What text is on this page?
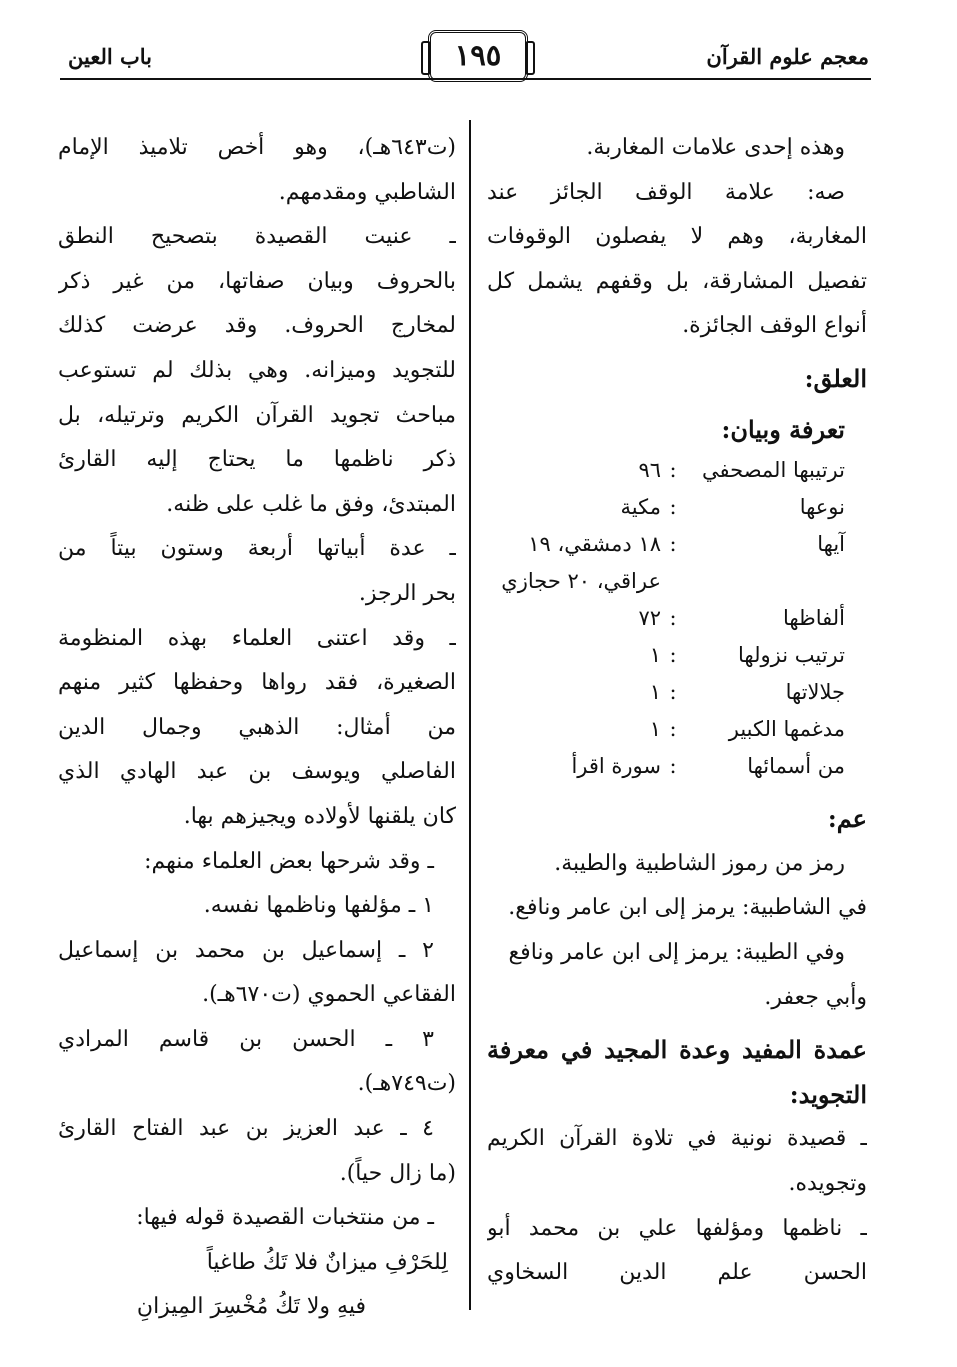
معجم علوم القرآن
١٩٥
باب العين
وهذه إحدى علامات المغاربة.
صه: علامة الوقف الجائز عند
المغاربة، وهم لا يفصلون الوقوفات
تفصيل المشارقة، بل وقفهم يشمل كل
أنواع الوقف الجائزة.
العلق:
تعرفة وبيان:
ترتيبها المصحفي
:
٩٦
نوعها
:
مكية
آيها
:
١٨ دمشقي، ١٩ عراقي، ٢٠ حجازي
ألفاظها
:
٧٢
ترتيب نزولها
:
١
جلالاتها
:
١
مدغمها الكبير
:
١
من أسمائها
:
سورة اقرأ
عم:
رمز من رموز الشاطبية والطيبة.
في الشاطبية: يرمز إلى ابن عامر ونافع.
وفي الطيبة: يرمز إلى ابن عامر ونافع
وأبي جعفر.
عمدة المفيد وعدة المجيد في معرفة
التجويد:
ـ قصيدة نونية في تلاوة القرآن الكريم
وتجويده.
ـ ناظمها ومؤلفها علي بن محمد أبو
الحسن علم الدين السخاوي
(ت٦٤٣هـ)، وهو أخص تلاميذ الإمام
الشاطبي ومقدمهم.
ـ عنيت القصيدة بتصحيح النطق
بالحروف وبيان صفاتها، من غير ذكر
لمخارج الحروف. وقد عرضت كذلك
للتجويد وميزانه. وهي بذلك لم تستوعب
مباحث تجويد القرآن الكريم وترتيله، بل
ذكر ناظمها ما يحتاج إليه القارئ
المبتدئ، وفق ما غلب على ظنه.
ـ عدة أبياتها أربعة وستون بيتاً من
بحر الرجز.
ـ وقد اعتنى العلماء بهذه المنظومة
الصغيرة، فقد رواها وحفظها كثير منهم
من أمثال: الذهبي وجمال الدين
الفاصلي ويوسف بن عبد الهادي الذي
كان يلقنها لأولاده ويجيزهم بها.
ـ وقد شرحها بعض العلماء منهم:
١ ـ مؤلفها وناظمها نفسه.
٢ ـ إسماعيل بن محمد بن إسماعيل
الفقاعي الحموي (ت٦٧٠هـ).
٣ ـ الحسن بن قاسم المرادي
(ت٧٤٩هـ).
٤ ـ عبد العزيز بن عبد الفتاح القارئ
(ما زال حياً).
ـ من منتخبات القصيدة قوله فيها:
لِلحَرْفِ ميزانٌ فلا تَكُ طاغياً
فيهِ ولا تَكُ مُخْسِرَ المِيزانِ
